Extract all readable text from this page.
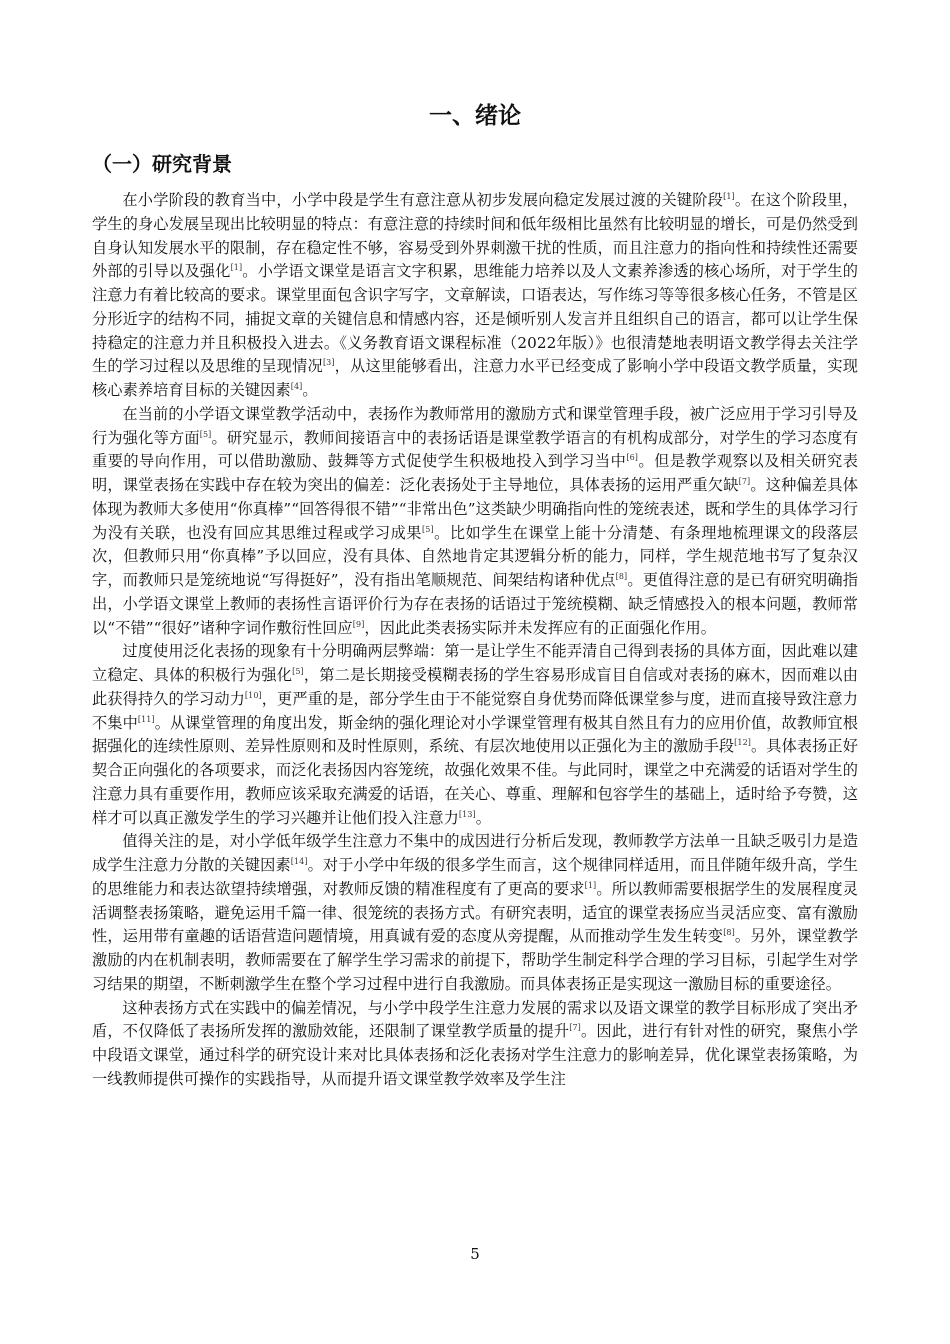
一、绪论
（一）研究背景

在小学阶段的教育当中，小学中段是学生有意注意从初步发展向稳定发展过渡的关键阶段[1]。在这个阶段里，学生的身心发展呈现出比较明显的特点：有意注意的持续时间和低年级相比虽然有比较明显的增长，可是仍然受到自身认知发展水平的限制，存在稳定性不够，容易受到外界刺激干扰的性质，而且注意力的指向性和持续性还需要外部的引导以及强化[1]。小学语文课堂是语言文字积累，思维能力培养以及人文素养渗透的核心场所，对于学生的注意力有着比较高的要求。课堂里面包含识字写字，文章解读，口语表达，写作练习等等很多核心任务，不管是区分形近字的结构不同，捕捉文章的关键信息和情感内容，还是倾听别人发言并且组织自己的语言，都可以让学生保持稳定的注意力并且积极投入进去。《义务教育语文课程标准（2022年版）》也很清楚地表明语文教学得去关注学生的学习过程以及思维的呈现情况[3]，从这里能够看出，注意力水平已经变成了影响小学中段语文教学质量，实现核心素养培育目标的关键因素[4]。

在当前的小学语文课堂教学活动中，表扬作为教师常用的激励方式和课堂管理手段，被广泛应用于学习引导及行为强化等方面[5]。研究显示，教师间接语言中的表扬话语是课堂教学语言的有机构成部分，对学生的学习态度有重要的导向作用，可以借助激励、鼓舞等方式促使学生积极地投入到学习当中[6]。但是教学观察以及相关研究表明，课堂表扬在实践中存在较为突出的偏差：泛化表扬处于主导地位，具体表扬的运用严重欠缺[7]。这种偏差具体体现为教师大多使用“你真棒”“回答得很不错”“非常出色”这类缺少明确指向性的笼统表述，既和学生的具体学习行为没有关联，也没有回应其思维过程或学习成果[5]。比如学生在课堂上能十分清楚、有条理地梳理课文的段落层次，但教师只用“你真棒”予以回应，没有具体、自然地肯定其逻辑分析的能力，同样，学生规范地书写了复杂汉字，而教师只是笼统地说“写得挺好”，没有指出笔顺规范、间架结构诸种优点[8]。更值得注意的是已有研究明确指出，小学语文课堂上教师的表扬性言语评价行为存在表扬的话语过于笼统模糊、缺乏情感投入的根本问题，教师常以“不错”“很好”诸种字词作敷衍性回应[9]，因此此类表扬实际并未发挥应有的正面强化作用。

过度使用泛化表扬的现象有十分明确两层弊端：第一是让学生不能弄清自己得到表扬的具体方面，因此难以建立稳定、具体的积极行为强化[5]，第二是长期接受模糊表扬的学生容易形成盲目自信或对表扬的麻木，因而难以由此获得持久的学习动力[10]，更严重的是，部分学生由于不能觉察自身优势而降低课堂参与度，进而直接导致注意力不集中[11]。从课堂管理的角度出发，斯金纳的强化理论对小学课堂管理有极其自然且有力的应用价值，故教师宜根据强化的连续性原则、差异性原则和及时性原则，系统、有层次地使用以正强化为主的激励手段[12]。具体表扬正好契合正向强化的各项要求，而泛化表扬因内容笼统，故强化效果不佳。与此同时，课堂之中充满爱的话语对学生的注意力具有重要作用，教师应该采取充满爱的话语，在关心、尊重、理解和包容学生的基础上，适时给予夸赞，这样才可以真正激发学生的学习兴趣并让他们投入注意力[13]。

值得关注的是，对小学低年级学生注意力不集中的成因进行分析后发现，教师教学方法单一且缺乏吸引力是造成学生注意力分散的关键因素[14]。对于小学中年级的很多学生而言，这个规律同样适用，而且伴随年级升高，学生的思维能力和表达欲望持续增强，对教师反馈的精准程度有了更高的要求[1]。所以教师需要根据学生的发展程度灵活调整表扬策略，避免运用千篇一律、很笼统的表扬方式。有研究表明，适宜的课堂表扬应当灵活应变、富有激励性，运用带有童趣的话语营造问题情境，用真诚有爱的态度从旁提醒，从而推动学生发生转变[8]。另外，课堂教学激励的内在机制表明，教师需要在了解学生学习需求的前提下，帮助学生制定科学合理的学习目标，引起学生对学习结果的期望，不断刺激学生在整个学习过程中进行自我激励。而具体表扬正是实现这一激励目标的重要途径。

这种表扬方式在实践中的偏差情况，与小学中段学生注意力发展的需求以及语文课堂的教学目标形成了突出矛盾，不仅降低了表扬所发挥的激励效能，还限制了课堂教学质量的提升[7]。因此，进行有针对性的研究，聚焦小学中段语文课堂，通过科学的研究设计来对比具体表扬和泛化表扬对学生注意力的影响差异，优化课堂表扬策略，为一线教师提供可操作的实践指导，从而提升语文课堂教学效率及学生注

5
